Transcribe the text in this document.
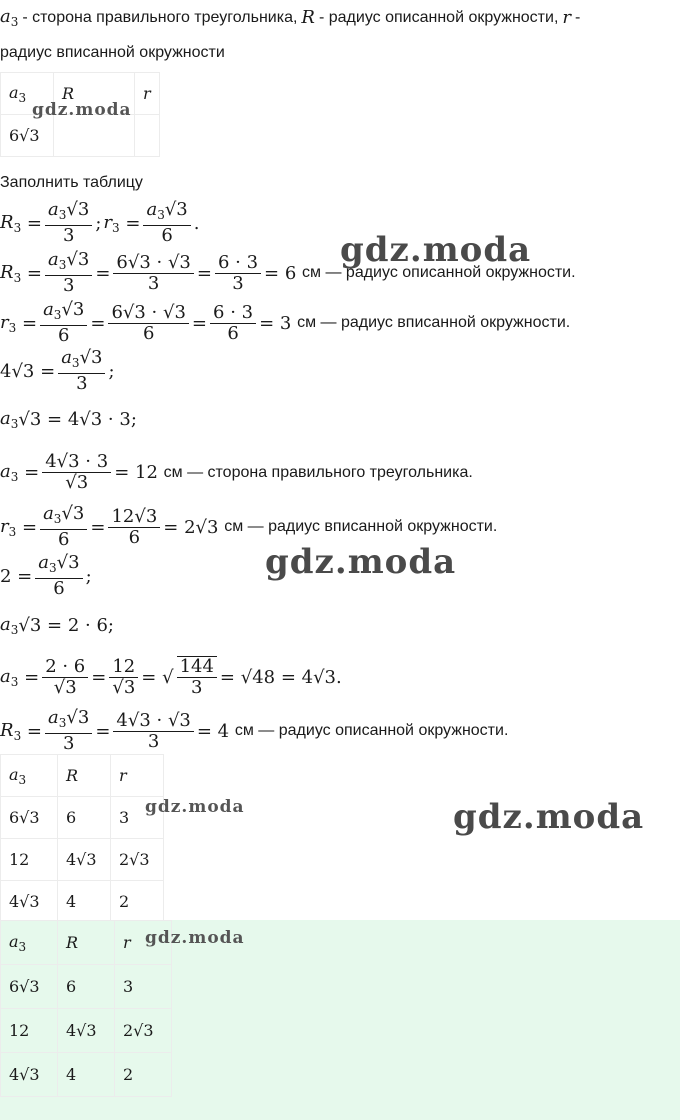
$a_3$ - сторона правильного треугольника, R - радиус описанной окружности, r -
радиус вписанной окружности
$a_3$	R	r
6√3		
Заполнить таблицу
$R_3 = \frac{a_3√3}{3}$ ; $r_3 = \frac{a_3√3}{6}$ .
$R_3 = \frac{a_3√3}{3} = \frac{6√3 \cdot √3}{3} = \frac{6 \cdot 3}{3} = 6$ см — радиус описанной окружности.
$r_3 = \frac{a_3√3}{6} = \frac{6√3 \cdot √3}{6} = \frac{6 \cdot 3}{6} = 3$ см — радиус вписанной окружности.
$4√3 = \frac{a_3√3}{3}$ ;
$a_3$ √3 = 4√3 · 3;
$a_3 = \frac{4√3 \cdot 3}{√3} = 12$ см — сторона правильного треугольника.
$r_3 = \frac{a_3√3}{6} = \frac{12√3}{6} = 2√3$ см — радиус вписанной окружности.
$2 = \frac{a_3√3}{6}$ ;
$a_3$ √3 = 2 · 6;
$a_3 = \frac{2 \cdot 6}{√3} = \frac{12}{√3}$ = √ $\frac{144}{3} = √48 = 4√3$.
$R_3 = \frac{a_3√3}{3} = \frac{4√3 \cdot √3}{3} = 4$ см — радиус описанной окружности.
$a_3$	R	r
6√3	6	3
12	4√3	2√3
4√3	4	2
$a_3$	R	r
6√3	6	3
12	4√3	2√3
4√3	4	2
gdz.moda
gdz.moda
gdz.moda
gdz.moda	gdz.moda
gdz.moda
